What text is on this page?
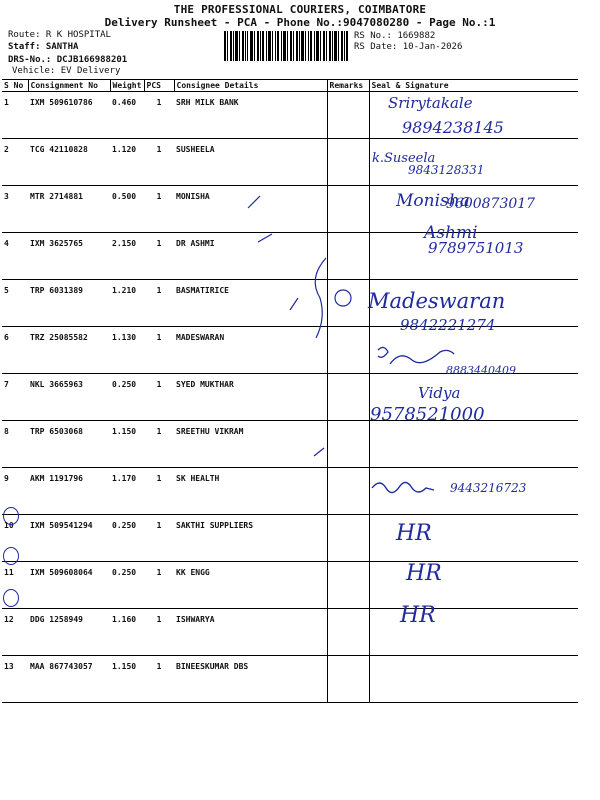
THE PROFESSIONAL COURIERS, COIMBATORE
Delivery Runsheet - PCA - Phone No.:9047080280 - Page No.:1
Route: R K HOSPITAL
Staff: SANTHA
DRS-No.: DCJB166988201
Vehicle: EV Delivery
RS No.: 1669882
RS Date: 10-Jan-2026
S No	Consignment No	Weight	PCS	Consignee Details	Remarks	Seal & Signature
1	IXM 509610786	0.460	1	SRH MILK BANK		
2	TCG 42110828	1.120	1	SUSHEELA		
3	MTR 2714881	0.500	1	MONISHA		
4	IXM 3625765	2.150	1	DR ASHMI		
5	TRP 6031389	1.210	1	BASMATIRICE		
6	TRZ 25085582	1.130	1	MADESWARAN		
7	NKL 3665963	0.250	1	SYED MUKTHAR		
8	TRP 6503068	1.150	1	SREETHU VIKRAM		
9	AKM 1191796	1.170	1	SK HEALTH		
10	IXM 509541294	0.250	1	SAKTHI SUPPLIERS		
11	IXM 509608064	0.250	1	KK ENGG		
12	DDG 1258949	1.160	1	ISHWARYA		
13	MAA 867743057	1.150	1	BINEESKUMAR DBS		
Srirytakale
9894238145
k.Suseela
9843128331
Monisha
9600873017
Ashmi
9789751013
Madeswaran
9842221274
8883440409
Vidya
9578521000
9443216723
HR
HR
HR
